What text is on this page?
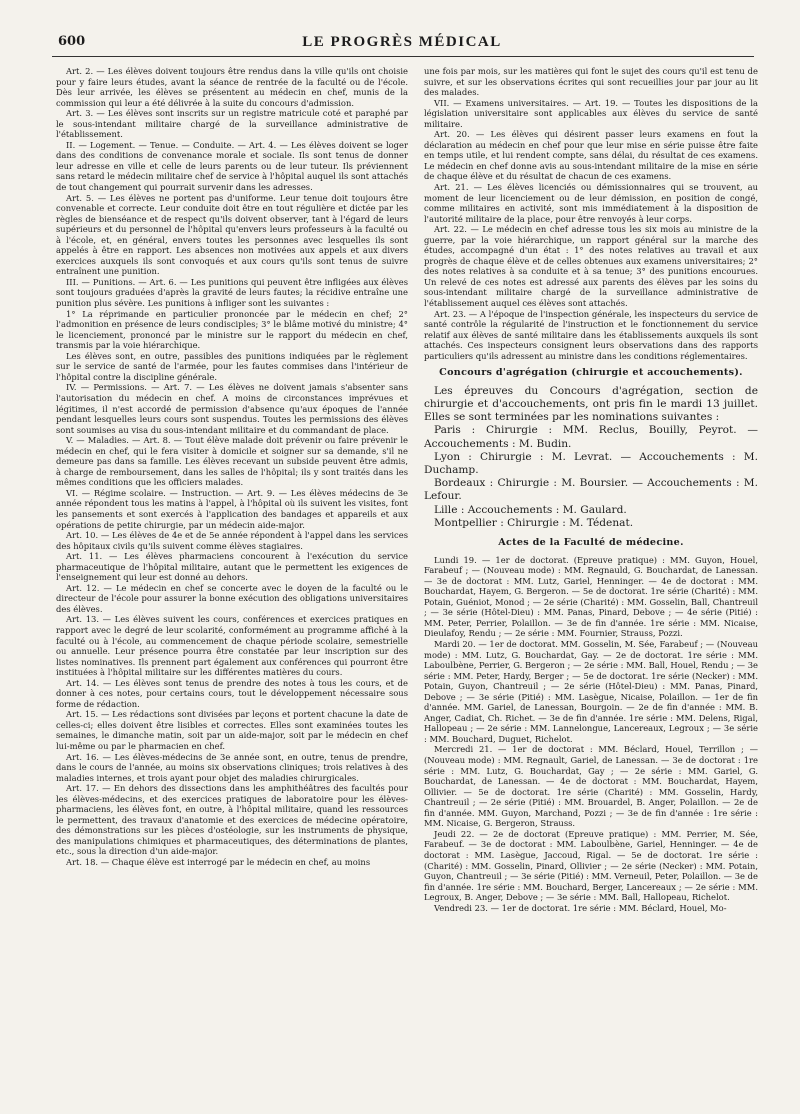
600	LE PROGRÈS MÉDICAL

Art. 2. — Les élèves doivent toujours être rendus dans la ville qu'ils ont choisie pour y faire leurs études, avant la séance de rentrée de la faculté ou de l'école. Dès leur arrivée, les élèves se présentent au médecin en chef, munis de la commission qui leur a été délivrée à la suite du concours d'admission.

Art. 3. — Les élèves sont inscrits sur un registre matricule coté et paraphé par le sous-intendant militaire chargé de la surveillance administrative de l'établissement.

II. — Logement. — Tenue. — Conduite. — Art. 4. — Les élèves doivent se loger dans des conditions de convenance morale et sociale. Ils sont tenus de donner leur adresse en ville et celle de leurs parents ou de leur tuteur. Ils préviennent sans retard le médecin militaire chef de service à l'hôpital auquel ils sont attachés de tout changement qui pourrait survenir dans les adresses.

Art. 5. — Les élèves ne portent pas d'uniforme. Leur tenue doit toujours être convenable et correcte. Leur conduite doit être en tout régulière et dictée par les règles de bienséance et de respect qu'ils doivent observer, tant à l'égard de leurs supérieurs et du personnel de l'hôpital qu'envers leurs professeurs à la faculté ou à l'école, et, en général, envers toutes les personnes avec lesquelles ils sont appelés à être en rapport. Les absences non motivées aux appels et aux divers exercices auxquels ils sont convoqués et aux cours qu'ils sont tenus de suivre entraînent une punition.

III. — Punitions. — Art. 6. — Les punitions qui peuvent être infligées aux élèves sont toujours graduées d'après la gravité de leurs fautes; la récidive entraîne une punition plus sévère. Les punitions à infliger sont les suivantes :

1° La réprimande en particulier prononcée par le médecin en chef; 2° l'admonition en présence de leurs condisciples; 3° le blâme motivé du ministre; 4° le licenciement, prononcé par le ministre sur le rapport du médecin en chef, transmis par la voie hiérarchique.

Les élèves sont, en outre, passibles des punitions indiquées par le règlement sur le service de santé de l'armée, pour les fautes commises dans l'intérieur de l'hôpital contre la discipline générale.

IV. — Permissions. — Art. 7. — Les élèves ne doivent jamais s'absenter sans l'autorisation du médecin en chef. A moins de circonstances imprévues et légitimes, il n'est accordé de permission d'absence qu'aux époques de l'année pendant lesquelles leurs cours sont suspendus. Toutes les permissions des élèves sont soumises au visa du sous-intendant militaire et du commandant de place.

V. — Maladies. — Art. 8. — Tout élève malade doit prévenir ou faire prévenir le médecin en chef, qui le fera visiter à domicile et soigner sur sa demande, s'il ne demeure pas dans sa famille. Les élèves recevant un subside peuvent être admis, à charge de remboursement, dans les salles de l'hôpital; ils y sont traités dans les mêmes conditions que les officiers malades.

VI. — Régime scolaire. — Instruction. — Art. 9. — Les élèves médecins de 3e année répondent tous les matins à l'appel, à l'hôpital où ils suivent les visites, font les pansements et sont exercés à l'application des bandages et appareils et aux opérations de petite chirurgie, par un médecin aide-major.

Art. 10. — Les élèves de 4e et de 5e année répondent à l'appel dans les services des hôpitaux civils qu'ils suivent comme élèves stagiaires.

Art. 11. — Les élèves pharmaciens concourent à l'exécution du service pharmaceutique de l'hôpital militaire, autant que le permettent les exigences de l'enseignement qui leur est donné au dehors.

Art. 12. — Le médecin en chef se concerte avec le doyen de la faculté ou le directeur de l'école pour assurer la bonne exécution des obligations universitaires des élèves.

Art. 13. — Les élèves suivent les cours, conférences et exercices pratiques en rapport avec le degré de leur scolarité, conformément au programme affiché à la faculté ou à l'école, au commencement de chaque période scolaire, semestrielle ou annuelle. Leur présence pourra être constatée par leur inscription sur des listes nominatives. Ils prennent part également aux conférences qui pourront être instituées à l'hôpital militaire sur les différentes matières du cours.

Art. 14. — Les élèves sont tenus de prendre des notes à tous les cours, et de donner à ces notes, pour certains cours, tout le développement nécessaire sous forme de rédaction.

Art. 15. — Les rédactions sont divisées par leçons et portent chacune la date de celles-ci; elles doivent être lisibles et correctes. Elles sont examinées toutes les semaines, le dimanche matin, soit par un aide-major, soit par le médecin en chef lui-même ou par le pharmacien en chef.

Art. 16. — Les élèves-médecins de 3e année sont, en outre, tenus de prendre, dans le cours de l'année, au moins six observations cliniques; trois relatives à des maladies internes, et trois ayant pour objet des maladies chirurgicales.

Art. 17. — En dehors des dissections dans les amphithéâtres des facultés pour les élèves-médecins, et des exercices pratiques de laboratoire pour les élèves-pharmaciens, les élèves font, en outre, à l'hôpital militaire, quand les ressources le permettent, des travaux d'anatomie et des exercices de médecine opératoire, des démonstrations sur les pièces d'ostéologie, sur les instruments de physique, des manipulations chimiques et pharmaceutiques, des déterminations de plantes, etc., sous la direction d'un aide-major.

Art. 18. — Chaque élève est interrogé par le médecin en chef, au moins

une fois par mois, sur les matières qui font le sujet des cours qu'il est tenu de suivre, et sur les observations écrites qui sont recueillies jour par jour au lit des malades.

VII. — Examens universitaires. — Art. 19. — Toutes les dispositions de la législation universitaire sont applicables aux élèves du service de santé militaire.

Art. 20. — Les élèves qui désirent passer leurs examens en fout la déclaration au médecin en chef pour que leur mise en série puisse être faite en temps utile, et lui rendent compte, sans délai, du résultat de ces examens. Le médecin en chef donne avis au sous-intendant militaire de la mise en série de chaque élève et du résultat de chacun de ces examens.

Art. 21. — Les élèves licenciés ou démissionnaires qui se trouvent, au moment de leur licenciement ou de leur démission, en position de congé, comme militaires en activité, sont mis immédiatement à la disposition de l'autorité militaire de la place, pour être renvoyés à leur corps.

Art. 22. — Le médecin en chef adresse tous les six mois au ministre de la guerre, par la voie hiérarchique, un rapport général sur la marche des études, accompagné d'un état : 1° des notes relatives au travail et aux progrès de chaque élève et de celles obtenues aux examens universitaires; 2° des notes relatives à sa conduite et à sa tenue; 3° des punitions encourues. Un relevé de ces notes est adressé aux parents des élèves par les soins du sous-intendant militaire chargé de la surveillance administrative de l'établissement auquel ces élèves sont attachés.

Art. 23. — A l'époque de l'inspection générale, les inspecteurs du service de santé contrôle la régularité de l'instruction et le fonctionnement du service relatif aux élèves de santé militaire dans les établissements auxquels ils sont attachés. Ces inspecteurs consignent leurs observations dans des rapports particuliers qu'ils adressent au ministre dans les conditions réglementaires.

Concours d'agrégation (chirurgie et accouchements).

Les épreuves du Concours d'agrégation, section de chirurgie et d'accouchements, ont pris fin le mardi 13 juillet. Elles se sont terminées par les nominations suivantes :

Paris : Chirurgie : MM. Reclus, Bouilly, Peyrot. — Accouchements : M. Budin.

Lyon : Chirurgie : M. Levrat. — Accouchements : M. Duchamp.

Bordeaux : Chirurgie : M. Boursier. — Accouchements : M. Lefour.

Lille : Accouchements : M. Gaulard.

Montpellier : Chirurgie : M. Tédenat.

Actes de la Faculté de médecine.

Lundi 19. — 1er de doctorat. (Epreuve pratique) : MM. Guyon, Houel, Farabeuf ; — (Nouveau mode) : MM. Regnauld, G. Bouchardat, de Lanessan. — 3e de doctorat : MM. Lutz, Gariel, Henninger. — 4e de doctorat : MM. Bouchardat, Hayem, G. Bergeron. — 5e de doctorat. 1re série (Charité) : MM. Potain, Guéniot, Monod ; — 2e série (Charité) : MM. Gosselin, Ball, Chantreuil ; — 3e série (Hôtel-Dieu) : MM. Panas, Pinard, Debove ; — 4e série (Pitié) : MM. Peter, Perrier, Polaillon. — 3e de fin d'année. 1re série : MM. Nicaise, Dieulafoy, Rendu ; — 2e série : MM. Fournier, Strauss, Pozzi.

Mardi 20. — 1er de doctorat. MM. Gosselin, M. Sée, Farabeuf ; — (Nouveau mode) : MM. Lutz, G. Bouchardat, Gay. — 2e de doctorat. 1re série : MM. Laboulbène, Perrier, G. Bergeron ; — 2e série : MM. Ball, Houel, Rendu ; — 3e série : MM. Peter, Hardy, Berger ; — 5e de doctorat. 1re série (Necker) : MM. Potain, Guyon, Chantreuil ; — 2e série (Hôtel-Dieu) : MM. Panas, Pinard, Debove ; — 3e série (Pitié) : MM. Lasègue, Nicaise, Polaillon. — 1er de fin d'année. MM. Gariel, de Lanessan, Bourgoin. — 2e de fin d'année : MM. B. Anger, Cadiat, Ch. Richet. — 3e de fin d'année. 1re série : MM. Delens, Rigal, Hallopeau ; — 2e série : MM. Lannelongue, Lancereaux, Legroux ; — 3e série : MM. Bouchard, Duguet, Richelot.

Mercredi 21. — 1er de doctorat : MM. Béclard, Houel, Terrillon ; — (Nouveau mode) : MM. Regnault, Gariel, de Lanessan. — 3e de doctorat : 1re série : MM. Lutz, G. Bouchardat, Gay ; — 2e série : MM. Gariel, G. Bouchardat, de Lanessan. — 4e de doctorat : MM. Bouchardat, Hayem, Ollivier. — 5e de doctorat. 1re série (Charité) : MM. Gosselin, Hardy, Chantreuil ; — 2e série (Pitié) : MM. Brouardel, B. Anger, Polaillon. — 2e de fin d'année. MM. Guyon, Marchand, Pozzi ; — 3e de fin d'année : 1re série : MM. Nicaise, G. Bergeron, Strauss.

Jeudi 22. — 2e de doctorat (Epreuve pratique) : MM. Perrier, M. Sée, Farabeuf. — 3e de doctorat : MM. Laboulbène, Gariel, Henninger. — 4e de doctorat : MM. Lasègue, Jaccoud, Rigal. — 5e de doctorat. 1re série : (Charité) : MM. Gosselin, Pinard, Ollivier ; — 2e série (Necker) : MM. Potain, Guyon, Chantreuil ; — 3e série (Pitié) : MM. Verneuil, Peter, Polaillon. — 3e de fin d'année. 1re série : MM. Bouchard, Berger, Lancereaux ; — 2e série : MM. Legroux, B. Anger, Debove ; — 3e série : MM. Ball, Hallopeau, Richelot.

Vendredi 23. — 1er de doctorat. 1re série : MM. Béclard, Houel, Mo-
